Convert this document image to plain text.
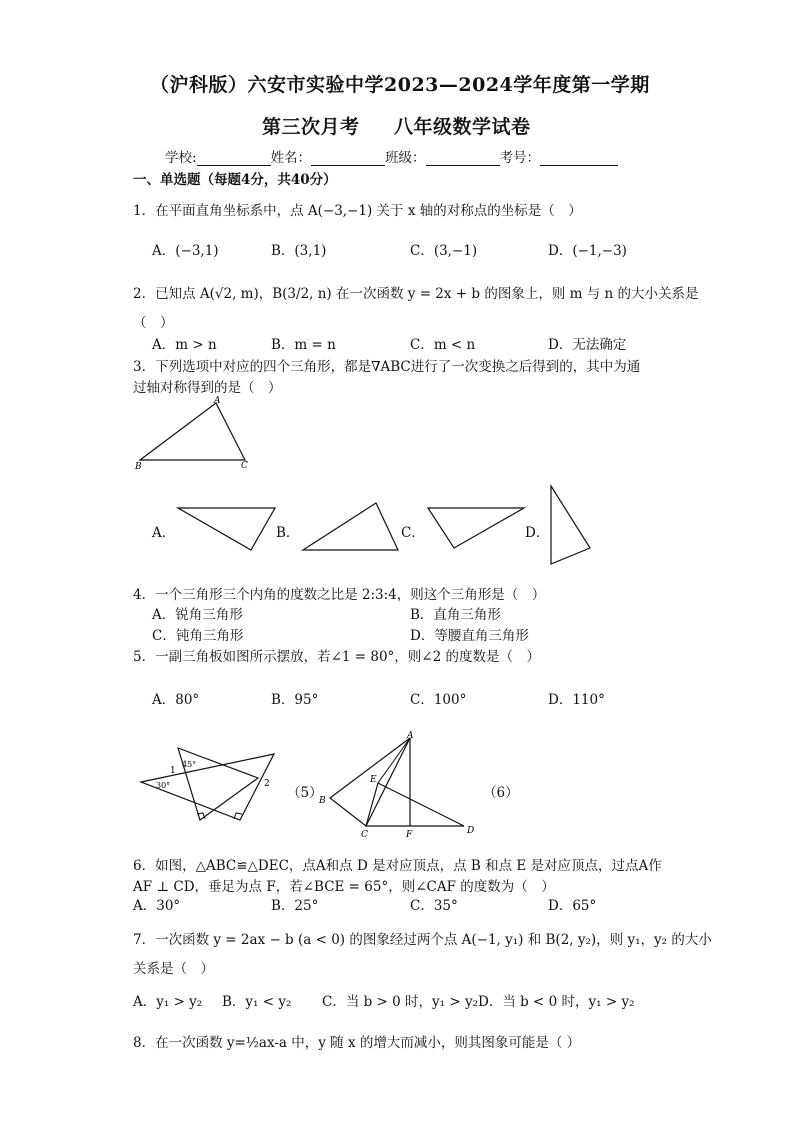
（沪科版）六安市实验中学2023—2024学年度第一学期
第三次月考 八年级数学试卷
学校:	姓名：	班级：	考号：
一、单选题（每题4分，共40分）
1．在平面直角坐标系中，点 A(−3,−1) 关于 x 轴的对称点的坐标是（　）
A．(−3,1)	B．(3,1)	C．(3,−1)	D．(−1,−3)
2．已知点 A(√2, m)，B(3/2, n) 在一次函数 y = 2x + b 的图象上，则 m 与 n 的大小关系是
（　）
A．m > n	B．m = n	C．m < n	D．无法确定
3．下列选项中对应的四个三角形，都是∇ABC进行了一次变换之后得到的，其中为通
过轴对称得到的是（　）
A
B	C
A．	B．	C．	D．
4．一个三角形三个内角的度数之比是 2:3:4，则这个三角形是（　）
A．锐角三角形	B．直角三角形
C．钝角三角形	D．等腰直角三角形
5．一副三角板如图所示摆放，若∠1 = 80°，则∠2 的度数是（　）
A．80°	B．95°	C．100°	D．110°
1
2
45°
30°	（5）
A
B
C	D
E
F
（6）
6．如图，△ABC≌△DEC，点A和点 D 是对应顶点，点 B 和点 E 是对应顶点，过点A作
AF ⊥ CD，垂足为点 F，若∠BCE = 65°，则∠CAF 的度数为（　）
A．30°	B．25°	C．35°	D．65°
7．一次函数 y = 2ax − b (a < 0) 的图象经过两个点 A(−1, y₁) 和 B(2, y₂)，则 y₁，y₂ 的大小
关系是（　）
A．y₁ > y₂ B．y₁ < y₂ C．当 b > 0 时，y₁ > y₂ D．当 b < 0 时，y₁ > y₂
8．在一次函数 y=½ax-a 中，y 随 x 的增大而减小，则其图象可能是（ ）
